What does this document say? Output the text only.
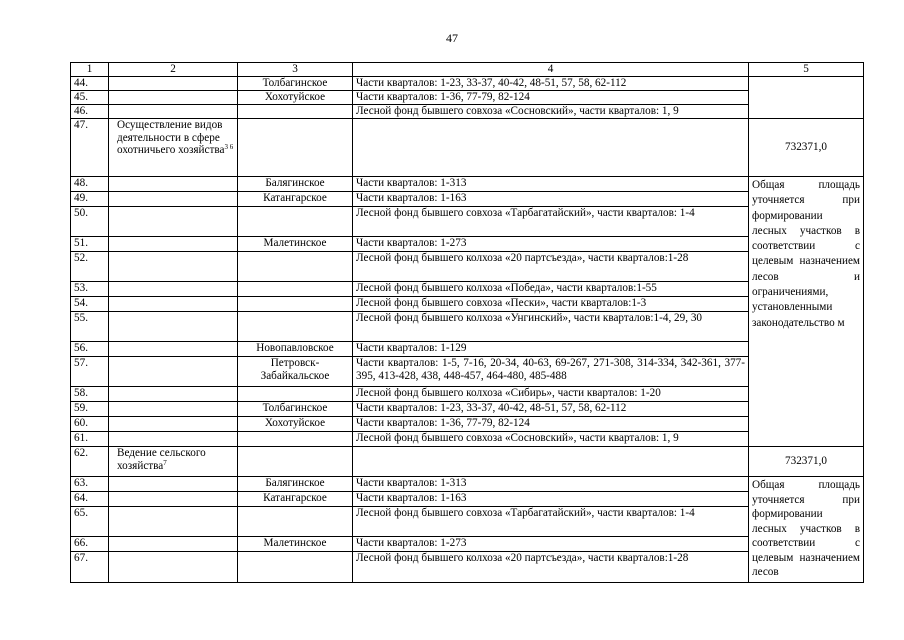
47
1	2	3	4	5
44.		Толбагинское	Части кварталов: 1-23, 33-37, 40-42, 48-51, 57, 58, 62-112	
45.		Хохотуйское	Части кварталов: 1-36, 77-79, 82-124	
46.			Лесной фонд бывшего совхоза «Сосновский», части кварталов: 1, 9	
47.	Осуществление видов деятельности в сфере охотничьего хозяйства$^{3 6}$			732371,0
48.		Балягинское	Части кварталов: 1-313	Общая площадь уточняется при формировании лесных участков в соответствии с целевым назначением лесов и ограничениями, установленными законодательство м

49.		Катангарское	Части кварталов: 1-163	
50.			Лесной фонд бывшего совхоза «Тарбагатайский», части кварталов: 1-4	
51.		Малетинское	Части кварталов: 1-273	
52.			Лесной фонд бывшего колхоза «20 партсъезда», части кварталов:1-28	
53.			Лесной фонд бывшего колхоза «Победа», части кварталов:1-55	
54.			Лесной фонд бывшего совхоза «Пески», части кварталов:1-3	
55.			Лесной фонд бывшего колхоза «Унгинский», части кварталов:1-4, 29, 30	
56.		Новопавловское	Части кварталов: 1-129	
57.		Петровск-Забайкальское	Части кварталов: 1-5, 7-16, 20-34, 40-63, 69-267, 271-308, 314-334, 342-361, 377-395, 413-428, 438, 448-457, 464-480, 485-488	
58.			Лесной фонд бывшего колхоза «Сибирь», части кварталов: 1-20	
59.		Толбагинское	Части кварталов: 1-23, 33-37, 40-42, 48-51, 57, 58, 62-112	
60.		Хохотуйское	Части кварталов: 1-36, 77-79, 82-124	
61.			Лесной фонд бывшего совхоза «Сосновский», части кварталов: 1, 9	
62.	Ведение сельского хозяйства$^7$			732371,0
63.		Балягинское	Части кварталов: 1-313	Общая площадь уточняется при формировании лесных участков в соответствии с целевым назначением лесов

64.		Катангарское	Части кварталов: 1-163	
65.			Лесной фонд бывшего совхоза «Тарбагатайский», части кварталов: 1-4	
66.		Малетинское	Части кварталов: 1-273	
67.			Лесной фонд бывшего колхоза «20 партсъезда», части кварталов:1-28	
